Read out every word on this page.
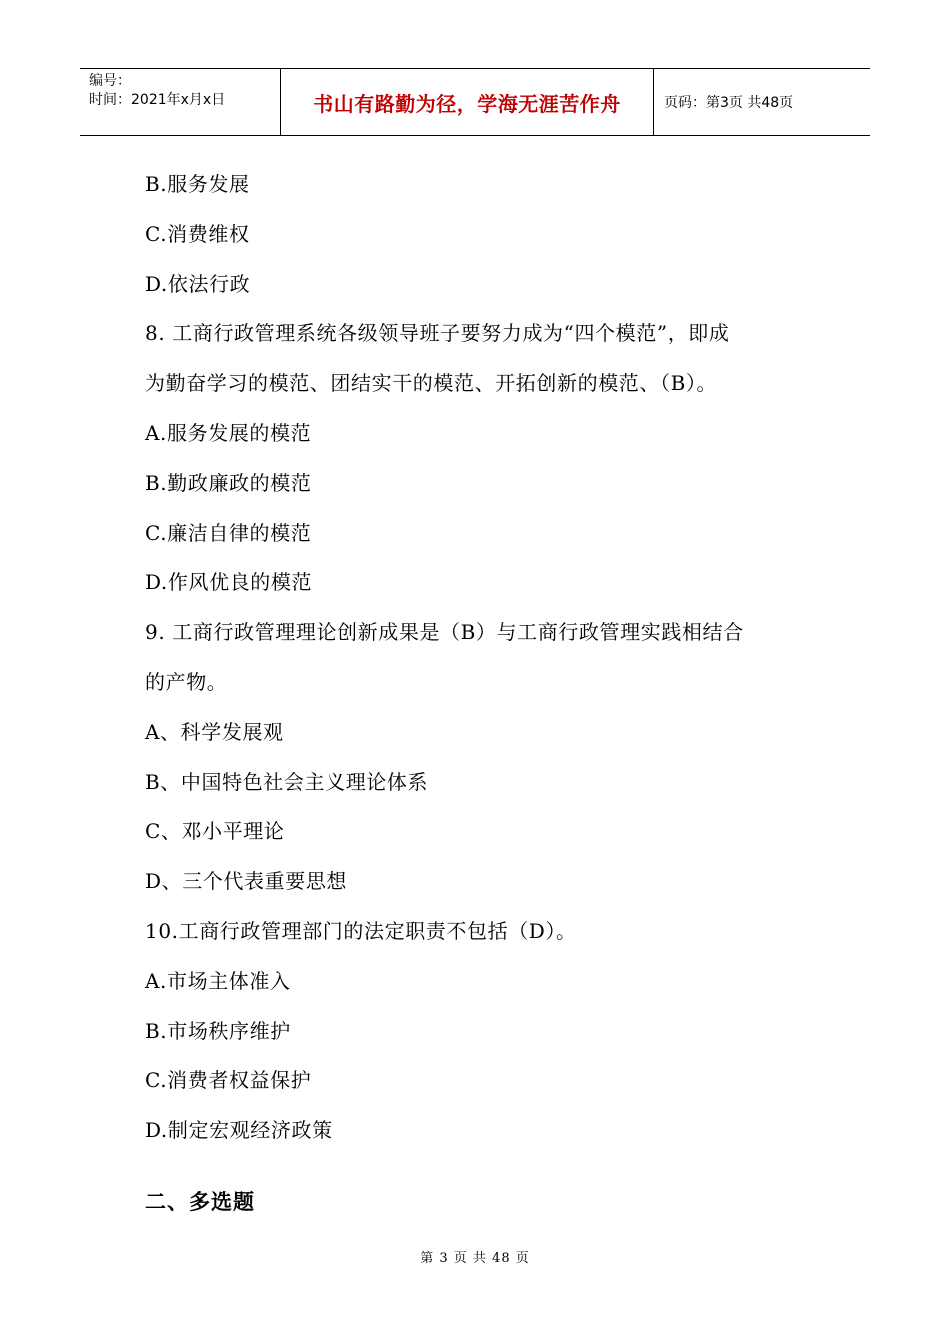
编号：
时间：2021年x月x日	书山有路勤为径，学海无涯苦作舟	页码：第3页 共48页
B.服务发展
C.消费维权
D.依法行政
8. 工商行政管理系统各级领导班子要努力成为“四个模范”，即成
为勤奋学习的模范、团结实干的模范、开拓创新的模范、（B）。
A.服务发展的模范
B.勤政廉政的模范
C.廉洁自律的模范
D.作风优良的模范
9. 工商行政管理理论创新成果是（B）与工商行政管理实践相结合
的产物。
A、科学发展观
B、中国特色社会主义理论体系
C、邓小平理论
D、三个代表重要思想
10.工商行政管理部门的法定职责不包括（D）。
A.市场主体准入
B.市场秩序维护
C.消费者权益保护
D.制定宏观经济政策
二、多选题
第 3 页 共 48 页
